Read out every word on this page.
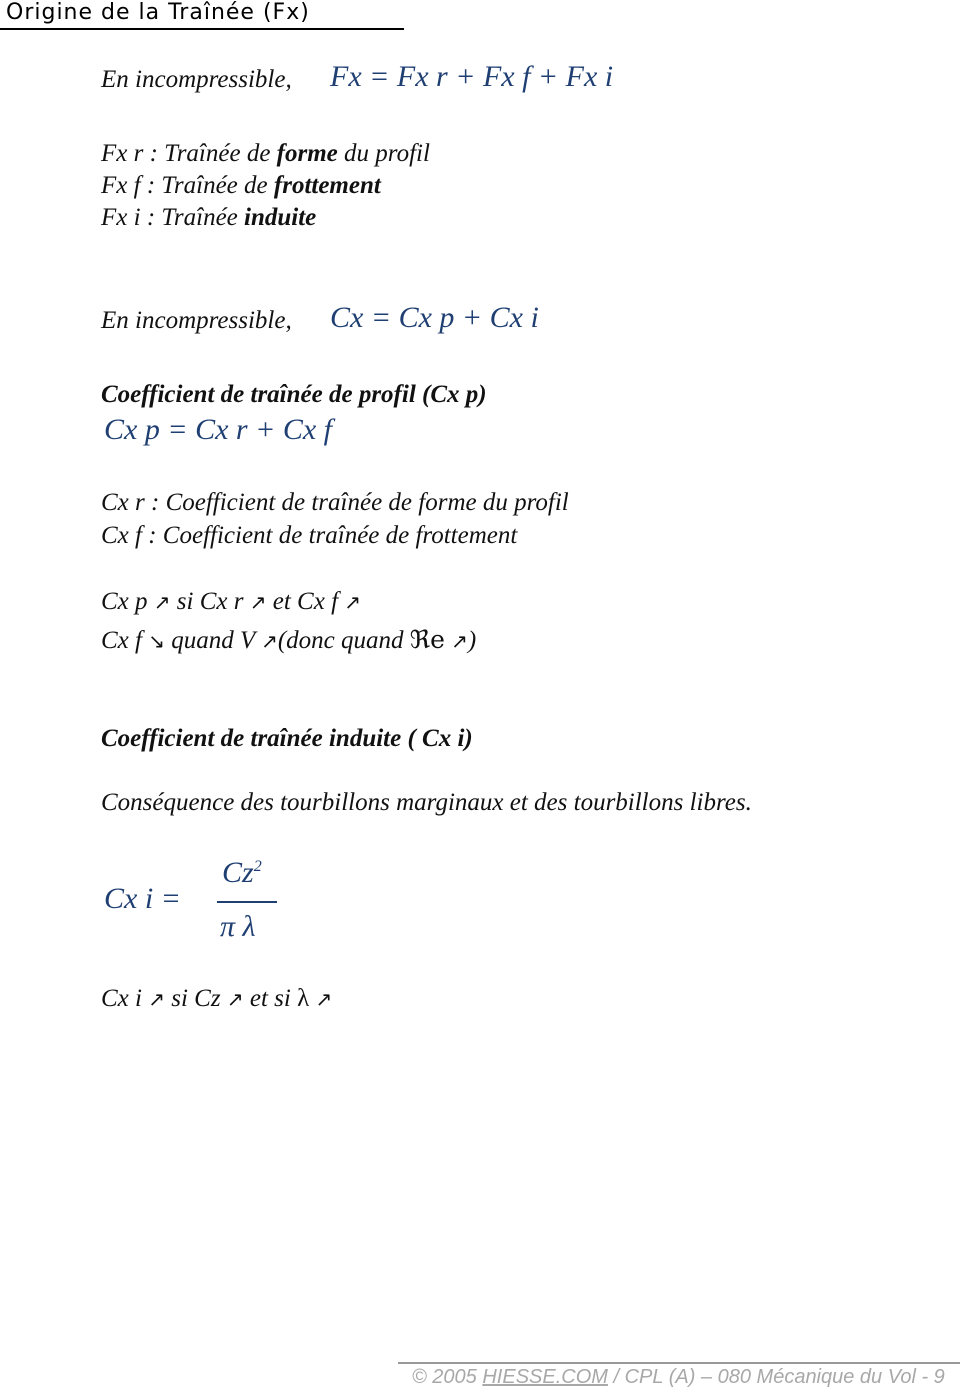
Origine de la Traînée (Fx)
En incompressible, Fx = Fx r + Fx f + Fx i
Fx r : Traînée de forme du profil
Fx f : Traînée de frottement
Fx i : Traînée induite
En incompressible, Cx = Cx p + Cx i
Coefficient de traînée de profil (Cx p)
Cx p = Cx r + Cx f
Cx r : Coefficient de traînée de forme du profil
Cx f : Coefficient de traînée de frottement
Cx p ↗ si Cx r ↗ et Cx f ↗
Cx f ↘ quand V ↗(donc quand ℜe ↗)
Coefficient de traînée induite ( Cx i)
Conséquence des tourbillons marginaux et des tourbillons libres.
Cx i =
$Cz^2$
π λ
Cx i ↗ si Cz ↗ et si λ ↗
© 2005 HIESSE.COM / CPL (A) – 080 Mécanique du Vol - 9
